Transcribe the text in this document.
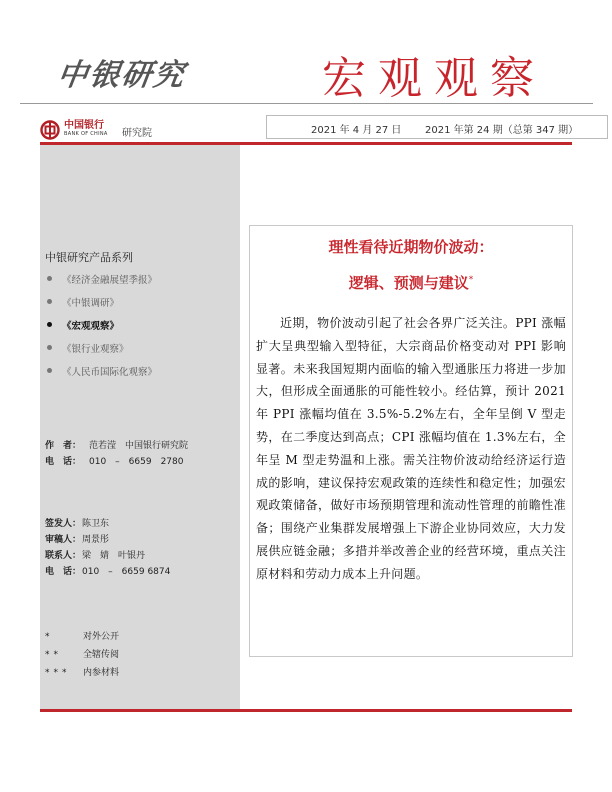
中银研究	宏观观察
中国银行
BANK OF CHINA 研究院	2021 年 4 月 27 日 2021 年第 24 期（总第 347 期）
中银研究产品系列
《经济金融展望季报》
《中银调研》
《宏观观察》
《银行业观察》
《人民币国际化观察》
作　者： 范若滢　中国银行研究院
电　话： 010　–　6659　2780
签发人：陈卫东
审稿人：周景彤
联系人：梁　婧　叶银丹
电　话：010　–　6659 6874
*	对外公开
** 全辖传阅
*** 内参材料
理性看待近期物价波动：
逻辑、预测与建议*

近期，物价波动引起了社会各界广泛关注。PPI 涨幅扩大呈典型输入型特征，大宗商品价格变动对 PPI 影响显著。未来我国短期内面临的输入型通胀压力将进一步加大，但形成全面通胀的可能性较小。经估算，预计 2021 年 PPI 涨幅均值在 3.5%-5.2%左右，全年呈倒 V 型走势，在二季度达到高点；CPI 涨幅均值在 1.3%左右，全年呈 M 型走势温和上涨。需关注物价波动给经济运行造成的影响，建议保持宏观政策的连续性和稳定性；加强宏观政策储备，做好市场预期管理和流动性管理的前瞻性准备；围绕产业集群发展增强上下游企业协同效应，大力发展供应链金融；多措并举改善企业的经营环境，重点关注原材料和劳动力成本上升问题。
